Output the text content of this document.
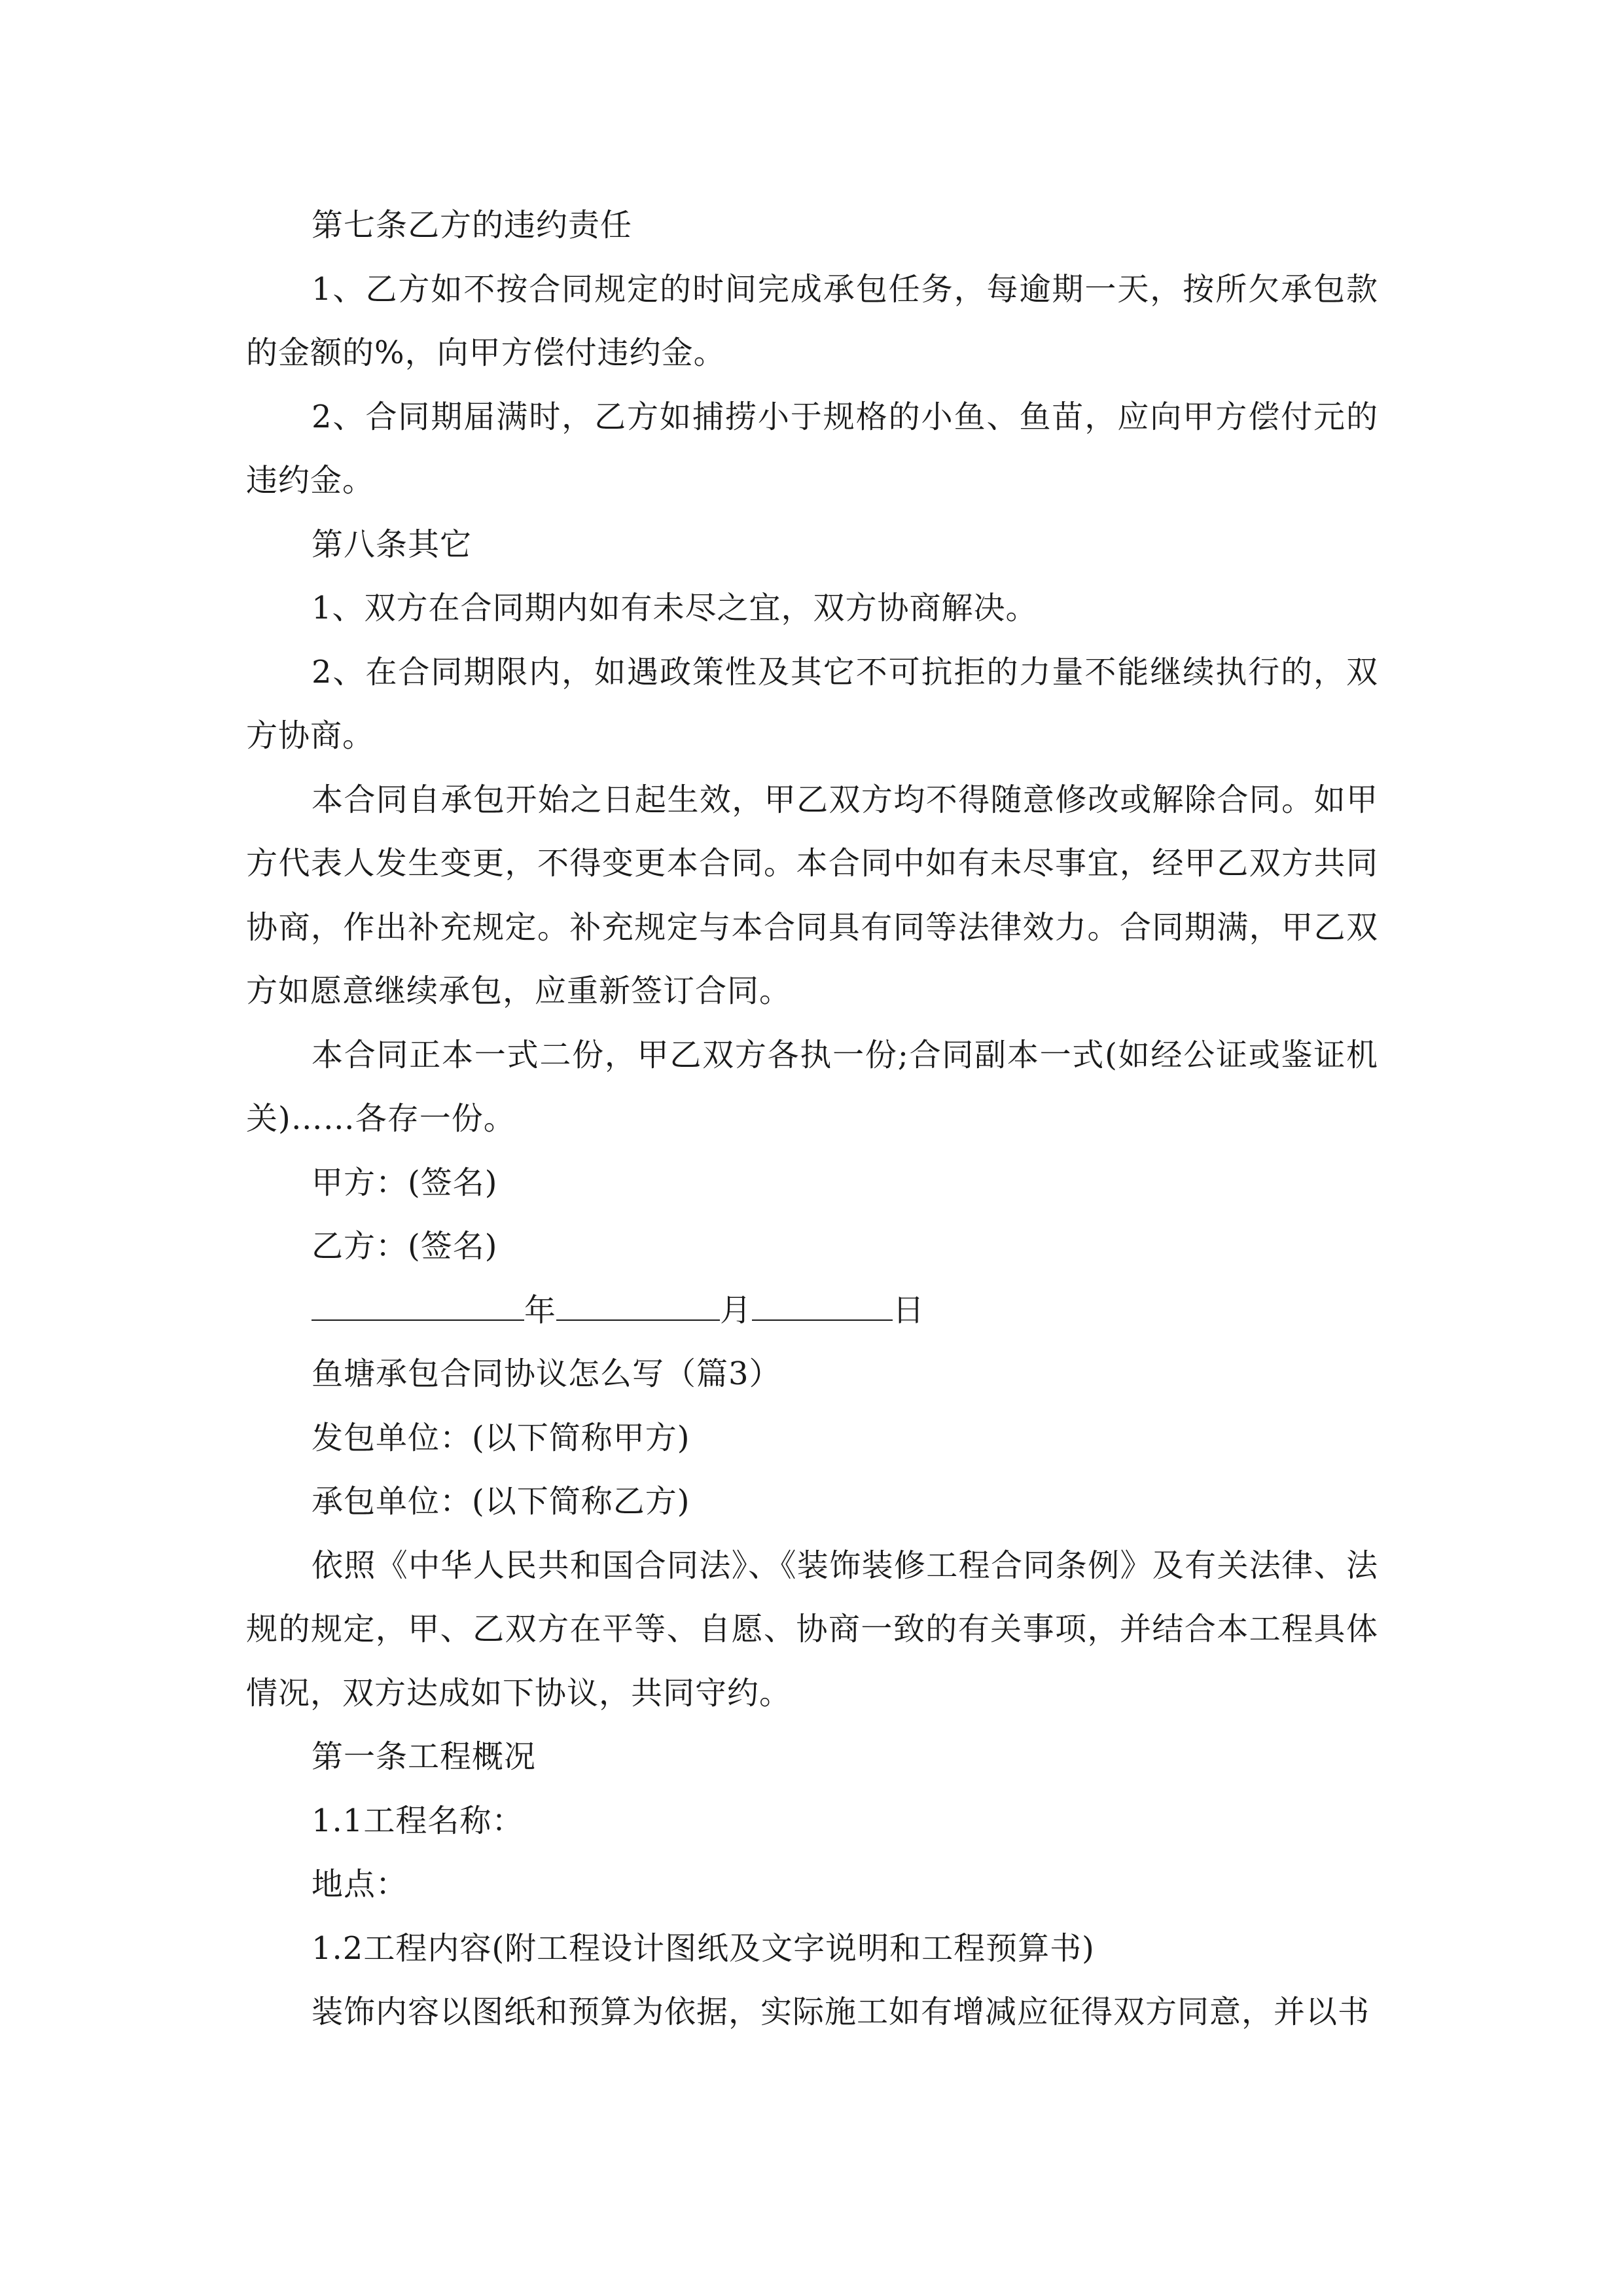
第七条乙方的违约责任

1、乙方如不按合同规定的时间完成承包任务，每逾期一天，按所欠承包款的金额的%，向甲方偿付违约金。

2、合同期届满时，乙方如捕捞小于规格的小鱼、鱼苗，应向甲方偿付元的违约金。

第八条其它

1、双方在合同期内如有未尽之宜，双方协商解决。

2、在合同期限内，如遇政策性及其它不可抗拒的力量不能继续执行的，双方协商。

本合同自承包开始之日起生效，甲乙双方均不得随意修改或解除合同。如甲方代表人发生变更，不得变更本合同。本合同中如有未尽事宜，经甲乙双方共同协商，作出补充规定。补充规定与本合同具有同等法律效力。合同期满，甲乙双方如愿意继续承包，应重新签订合同。

本合同正本一式二份，甲乙双方各执一份;合同副本一式(如经公证或鉴证机关)……各存一份。

甲方：(签名)

乙方：(签名)

年	月	日

鱼塘承包合同协议怎么写（篇3）

发包单位：(以下简称甲方)

承包单位：(以下简称乙方)

依照《中华人民共和国合同法》、《装饰装修工程合同条例》及有关法律、法规的规定，甲、乙双方在平等、自愿、协商一致的有关事项，并结合本工程具体情况，双方达成如下协议，共同守约。

第一条工程概况

1.1工程名称：

地点：

1.2工程内容(附工程设计图纸及文字说明和工程预算书)

装饰内容以图纸和预算为依据，实际施工如有增减应征得双方同意，并以书
